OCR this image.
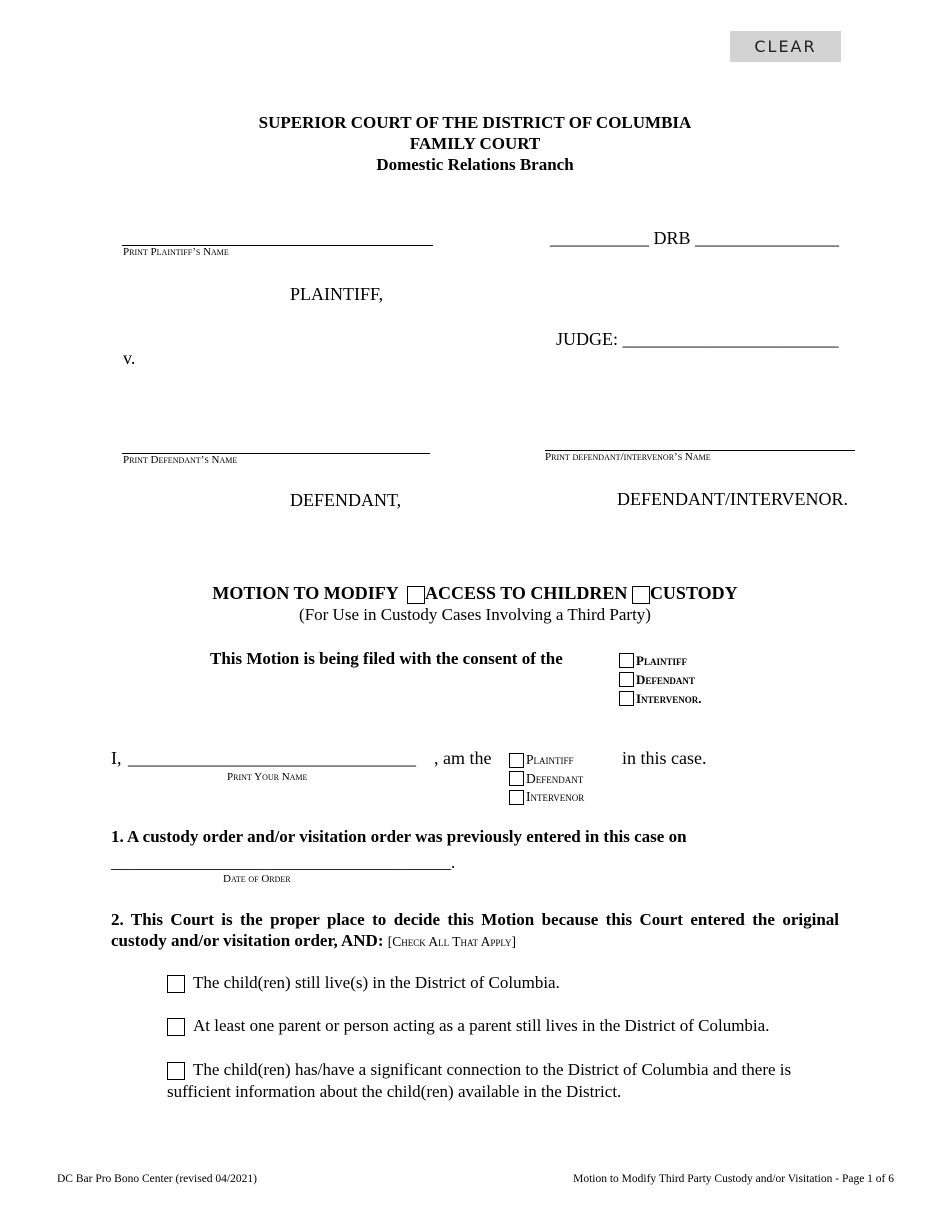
CLEAR
SUPERIOR COURT OF THE DISTRICT OF COLUMBIA
FAMILY COURT
Domestic Relations Branch
Print Plaintiff’s Name
PLAINTIFF,
___________ DRB ________________
JUDGE: ________________________
v.
Print Defendant’s Name
DEFENDANT,
Print defendant/intervenor’s Name
DEFENDANT/INTERVENOR.
MOTION TO MODIFY ACCESS TO CHILDREN CUSTODY
(For Use in Custody Cases Involving a Third Party)
This Motion is being filed with the consent of the	Plaintiff
Defendant
Intervenor.
I, ________________________________ , am the
Print Your Name
Plaintiff
Defendant
Intervenor
in this case.
1. A custody order and/or visitation order was previously entered in this case on
________________________________________.
Date of Order
2. This Court is the proper place to decide this Motion because this Court entered the original custody and/or visitation order, AND: [Check All That Apply]
The child(ren) still live(s) in the District of Columbia.
At least one parent or person acting as a parent still lives in the District of Columbia.
The child(ren) has/have a significant connection to the District of Columbia and there is sufficient information about the child(ren) available in the District.
DC Bar Pro Bono Center (revised 04/2021)	Motion to Modify Third Party Custody and/or Visitation - Page 1 of 6
